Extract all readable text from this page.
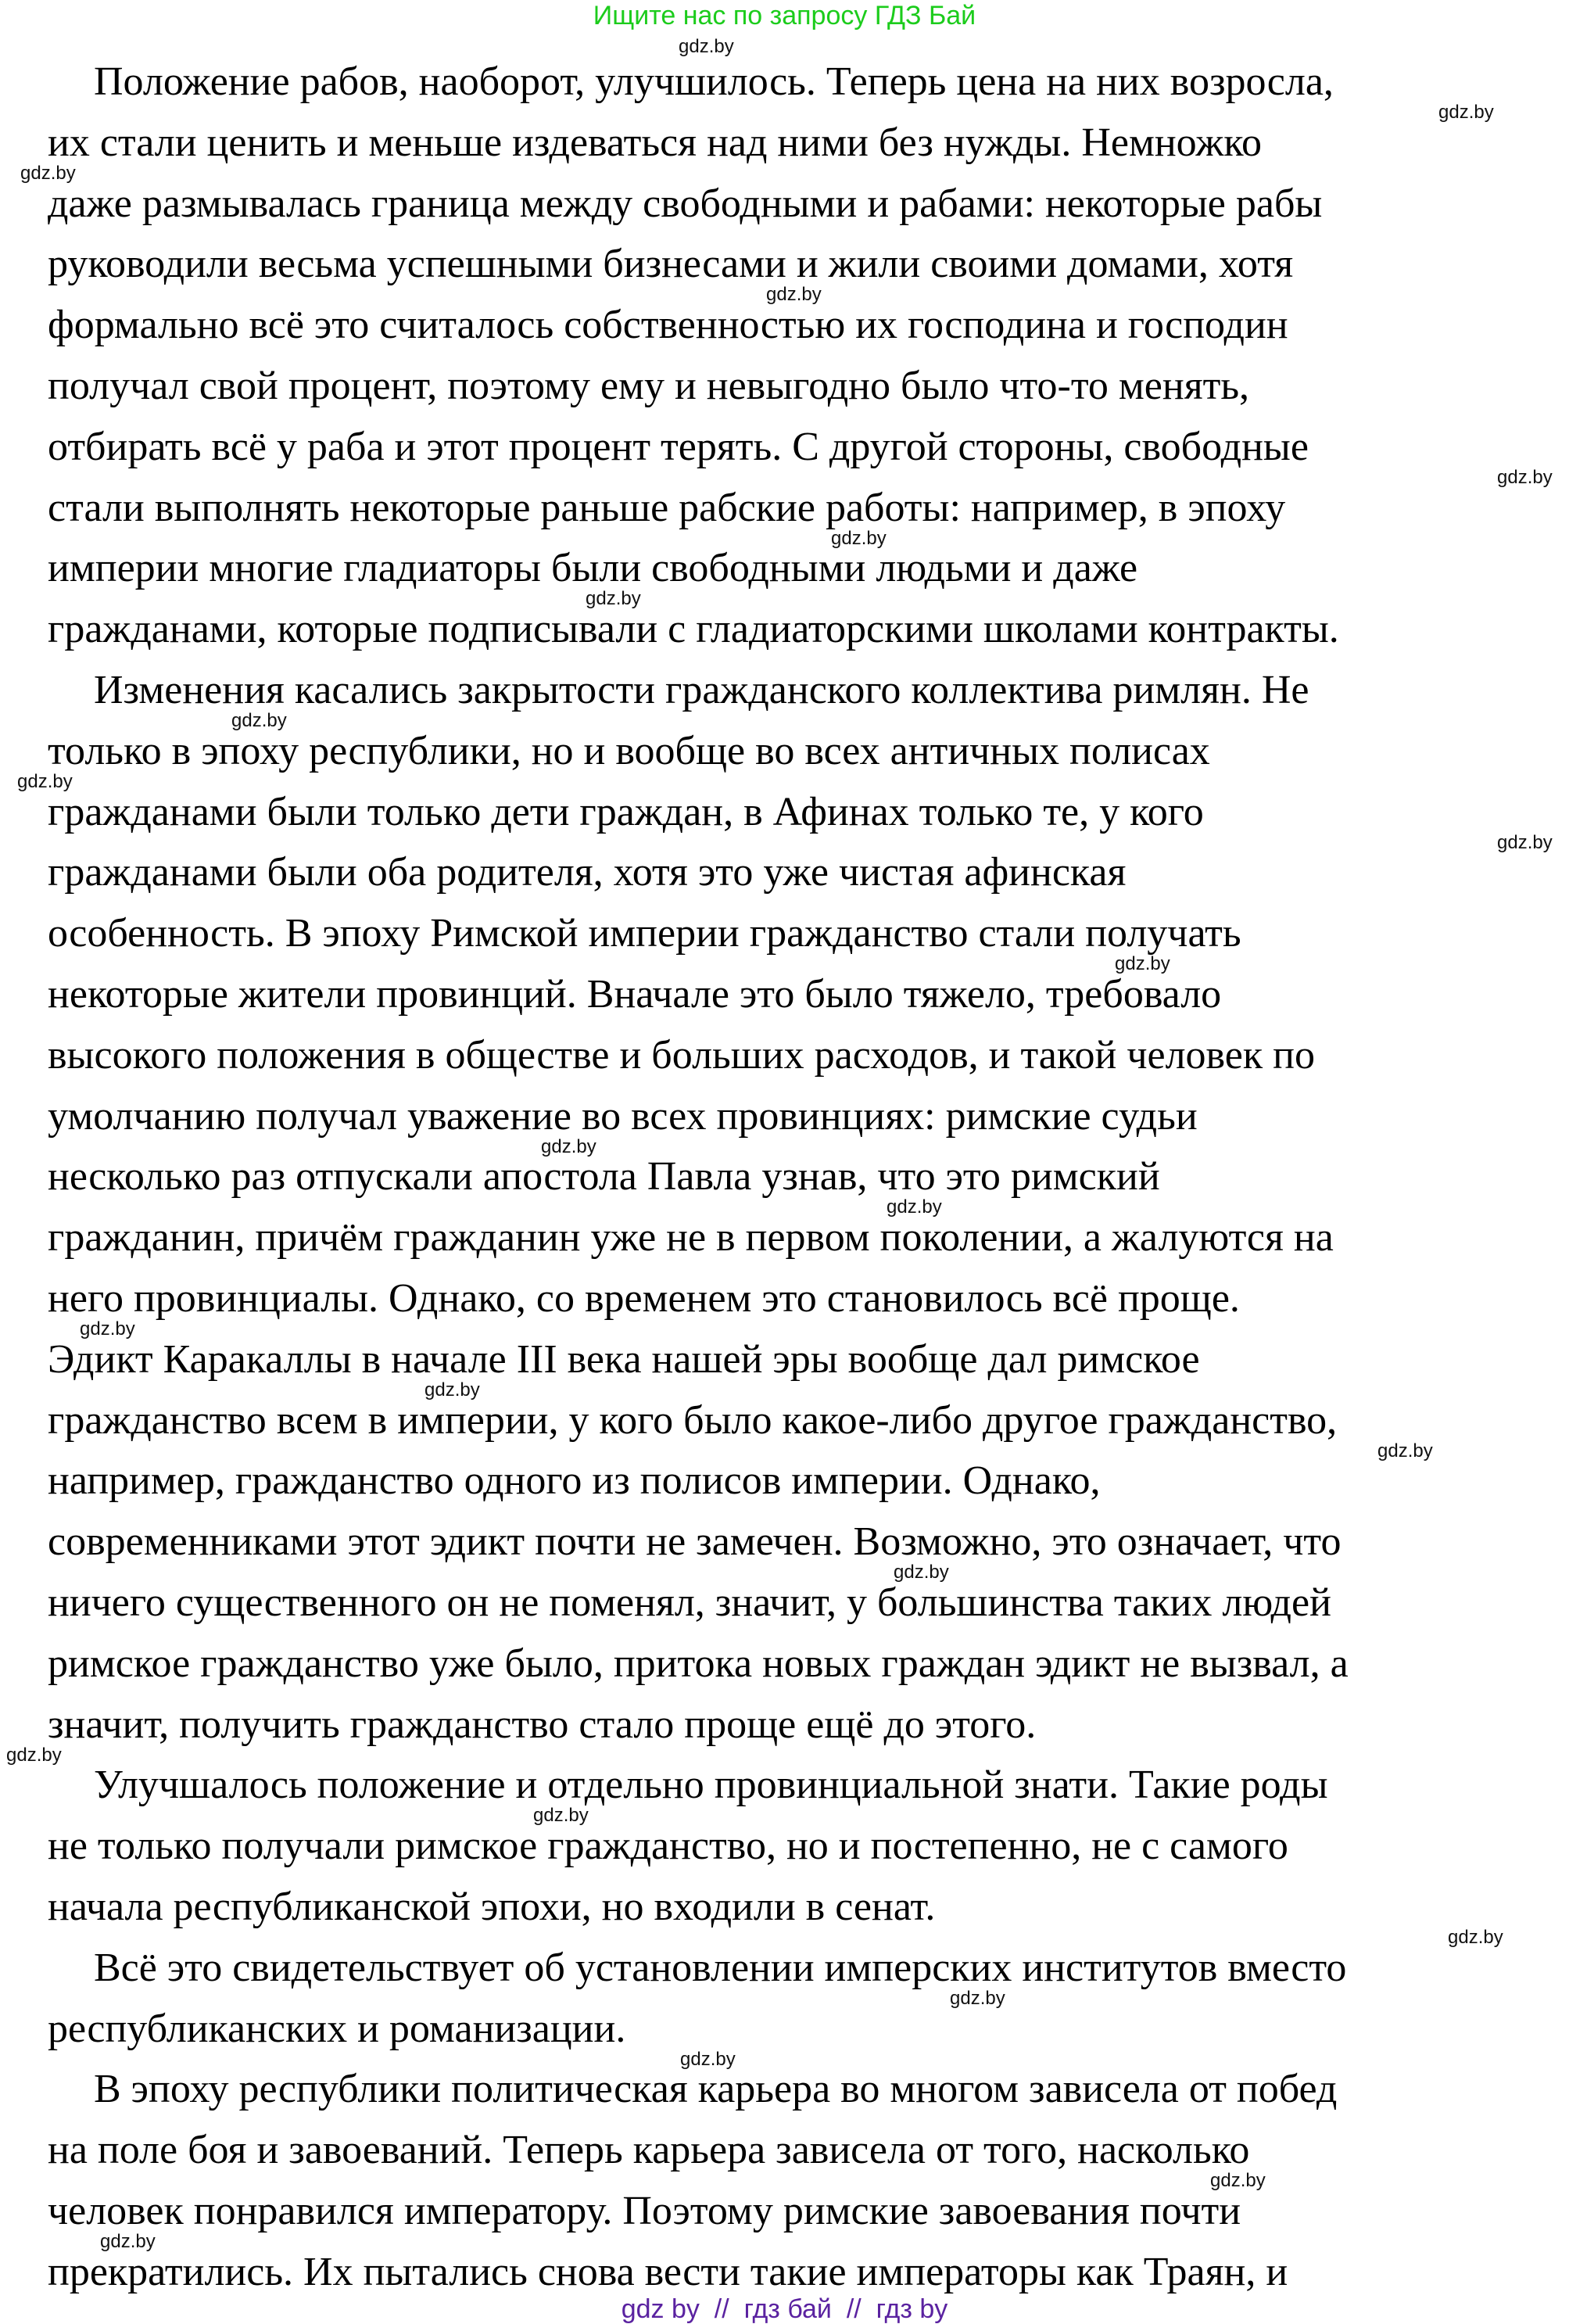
Ищите нас по запросу ГДЗ Бай
Положение рабов, наоборот, улучшилось. Теперь цена на них возросла,
их стали ценить и меньше издеваться над ними без нужды. Немножко
даже размывалась граница между свободными и рабами: некоторые рабы
руководили весьма успешными бизнесами и жили своими домами, хотя
формально всё это считалось собственностью их господина и господин
получал свой процент, поэтому ему и невыгодно было что-то менять,
отбирать всё у раба и этот процент терять. С другой стороны, свободные
стали выполнять некоторые раньше рабские работы: например, в эпоху
империи многие гладиаторы были свободными людьми и даже
гражданами, которые подписывали с гладиаторскими школами контракты.
Изменения касались закрытости гражданского коллектива римлян. Не
только в эпоху республики, но и вообще во всех античных полисах
гражданами были только дети граждан, в Афинах только те, у кого
гражданами были оба родителя, хотя это уже чистая афинская
особенность. В эпоху Римской империи гражданство стали получать
некоторые жители провинций. Вначале это было тяжело, требовало
высокого положения в обществе и больших расходов, и такой человек по
умолчанию получал уважение во всех провинциях: римские судьи
несколько раз отпускали апостола Павла узнав, что это римский
гражданин, причём гражданин уже не в первом поколении, а жалуются на
него провинциалы. Однако, со временем это становилось всё проще.
Эдикт Каракаллы в начале III века нашей эры вообще дал римское
гражданство всем в империи, у кого было какое-либо другое гражданство,
например, гражданство одного из полисов империи. Однако,
современниками этот эдикт почти не замечен. Возможно, это означает, что
ничего существенного он не поменял, значит, у большинства таких людей
римское гражданство уже было, притока новых граждан эдикт не вызвал, а
значит, получить гражданство стало проще ещё до этого.
Улучшалось положение и отдельно провинциальной знати. Такие роды
не только получали римское гражданство, но и постепенно, не с самого
начала республиканской эпохи, но входили в сенат.
Всё это свидетельствует об установлении имперских институтов вместо
республиканских и романизации.
В эпоху республики политическая карьера во многом зависела от побед
на поле боя и завоеваний. Теперь карьера зависела от того, насколько
человек понравился императору. Поэтому римские завоевания почти
прекратились. Их пытались снова вести такие императоры как Траян, и
gdz.by
gdz.by
gdz.by
gdz.by
gdz.by
gdz.by
gdz.by
gdz.by
gdz.by
gdz.by
gdz.by
gdz.by
gdz.by
gdz.by
gdz.by
gdz.by
gdz.by
gdz.by
gdz.by
gdz.by
gdz.by
gdz.by
gdz.by
gdz.by
gdz by  //  гдз бай  //  гдз by
